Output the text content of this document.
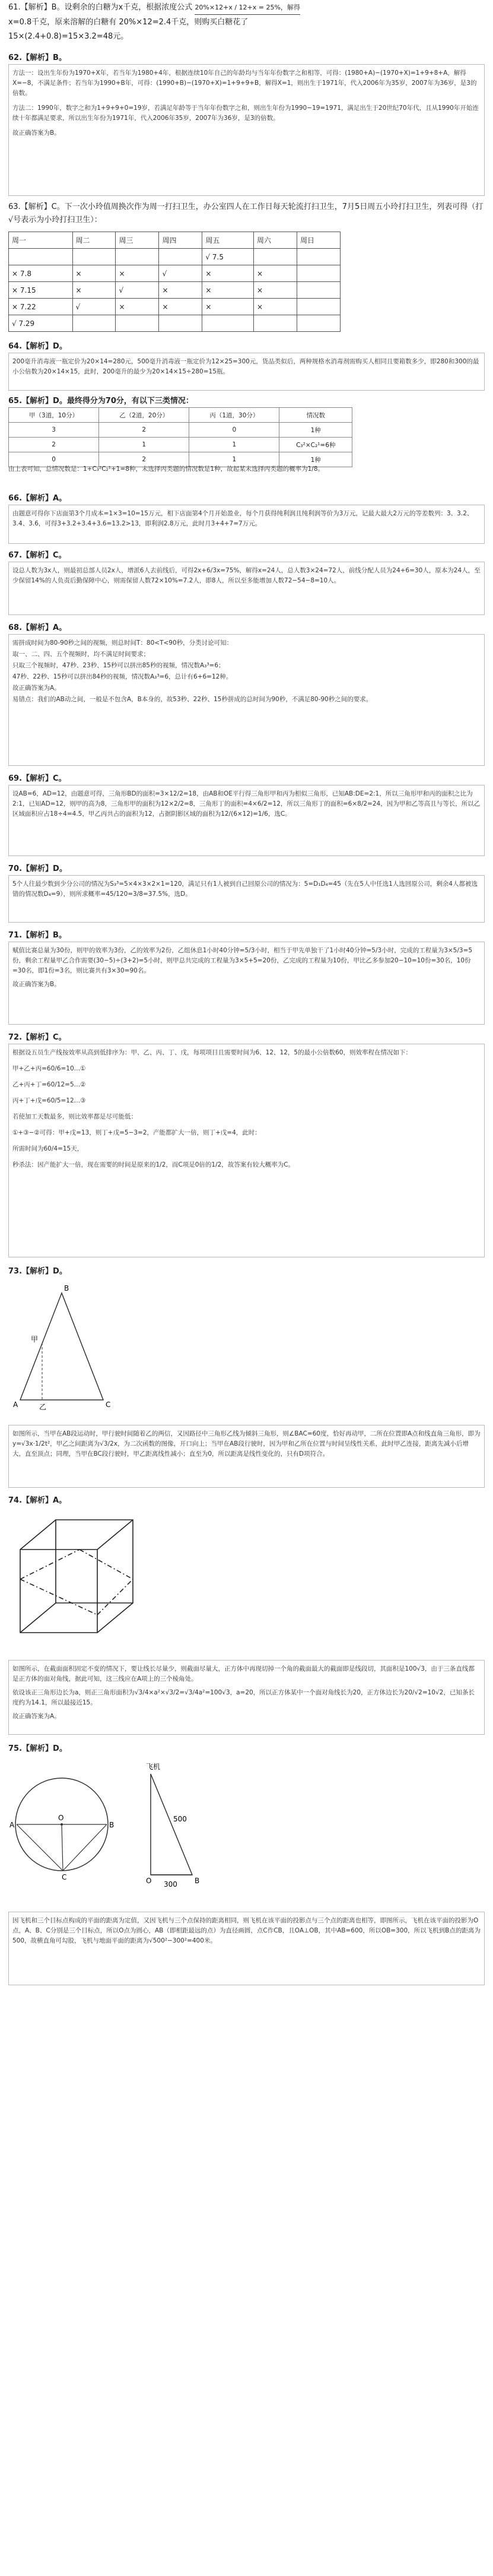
61.【解析】B。设剩余的白糖为x千克，根据浓度公式 20%×12+x / 12+x = 25%，解得
x=0.8千克，原来溶解的白糖有 20%×12=2.4千克，则购买白糖花了
15×(2.4+0.8)=15×3.2=48元。
62.【解析】B。
方法一：设出生年份为1970+X年，若当年为1980+4年，根据连续10年自己的年龄均与当年年份数字之和相等，可得：(1980+A)−(1970+X)=1+9+8+A，解得X=−8，不满足条件；若当年为1990+B年，可得：(1990+B)−(1970+X)=1+9+9+B，解得X=1，则出生于1971年，代入2006年为35岁，2007年为36岁，是3的倍数。
方法二：1990年，数字之和为1+9+9+0=19岁，若满足年龄等于当年年份数字之和，则出生年份为1990−19=1971，满足出生于20世纪70年代，且从1990年开始连续十年都满足要求，所以出生年份为1971年，代入2006年35岁，2007年为36岁，是3的倍数。
故正确答案为B。
63.【解析】C。下一次小玲值周换次作为周一打扫卫生，办公室四人在工作日每天轮流打扫卫生，7月5日周五小玲打扫卫生，列表可得（打√号表示为小玲打扫卫生）：
周一	周二	周三	周四	周五	周六	周日
				√ 7.5		
× 7.8	×	×	√	×	×	
× 7.15	×	√	×	×	×	
× 7.22	√	×	×	×	×	
√ 7.29						
64.【解析】D。
200毫升消毒液一瓶定价为20×14=280元，500毫升消毒液一瓶定价为12×25=300元，货品类似后，两种规格水消毒剂需购买人相同且要箱数多少，即280和300的最小公倍数为20×14×15，此时，200毫升的最少为20×14×15÷280=15瓶。
65.【解析】D。最终得分为70分，有以下三类情况：
甲（3道，10分）	乙（2道，20分）	丙（1道，30分）	情况数
3	2	0	1种
2	1	1	C₃²×C₂¹=6种
0	2	1	1种
由上表可知，总情况数是：1+C₃²C₂¹+1=8种，未选择丙类题的情况数是1种，故起某未选择丙类题的概率为1/8。
66.【解析】A。
由题意可得你下店面第3个月成本=1×3=10=15万元，相下店面第4个月开始盈业，每个月获得纯利润且纯利润等价为3万元，记最大最大2万元的等差数列：3、3.2、3.4、3.6，可得3+3.2+3.4+3.6=13.2>13，即利润2.8万元，此时月3+4+7=7万元。
67.【解析】C。
设总人数为3x人，则最初总部人员2x人，增派6人去前线后，可得2x+6/3x=75%，解得x=24人，总人数3×24=72人，前线分配人员为24+6=30人，原本为24人，至少保留14%的人负责后勤保障中心，则需保留人数72×10%=7.2人，即8人，所以至多能增加人数72−54−8=10人。
68.【解析】A。
需拼成时间为80-90秒之间的视频，则总时间T：80<T<90秒，分类讨论可知：
取一、二、四、五个视频时，均不满足时间要求；
只取三个视频时，47秒、23秒、15秒可以拼出85秒的视频，情况数A₃³=6；
47秒、22秒、15秒可以拼出84秒的视频，情况数A₃³=6，总计有6+6=12种。
故正确答案为A。
易错点：我们的AB动之间，一般是不包含A，B本身的，故53秒、22秒、15秒拼成的总时间为90秒，不满足80-90秒之间的要求。
69.【解析】C。
设AB=6，AD=12，由题意可得，三角形BD的面积=3×12/2=18，由AB和OE平行得三角形甲和丙为相似三角形，已知AB:DE=2:1，所以三角形甲和丙的面积之比为2:1，已知AD=12，则甲的高为8，三角形甲的面积为12×2/2=8，三角形丁的面积=4×6/2=12，所以三角形丁的面积=6×8/2=24，因为甲和乙等高且与等长，所以乙区域面积应占18÷4=4.5，甲乙丙共占的面积为12，占据阴影区域的面积为12/(6×12)=1/6，选C。
70.【解析】D。
5个人往最少数到少分公司的情况为S₃³=5×4×3×2×1=120，满足只有1人被到自己回原公司的情况为：5=D₁D₄=45（先在5人中任选1人选回原公司，剩余4人都被选错的情况数D₄=9），则所求概率=45/120=3/8=37.5%，选D。
71.【解析】B。
赋值比赛总量为30份，则甲的效率为3份，乙的效率为2份，乙组休息1小时40分钟=5/3小时，相当于甲先单独干了1小时40分钟=5/3小时，完成的工程量为3×5/3=5份，剩余工程量甲乙合作需要(30−5)÷(3+2)=5小时，则甲总共完成的工程量为3×5+5=20份，乙完成的工程量为10份，甲比乙多参加20−10=10份=30名，10份=30名，即1份=3名，则比赛共有3×30=90名。
故正确答案为B。
72.【解析】C。
根据设五员生产线按效率从高到低排序为：甲、乙、丙、丁、戊，每项项目且需要时间为6、12、12，5的最小公倍数60，则效率程在情况如下：
甲+乙+丙=60/6=10…①
乙+丙+丁=60/12=5…②
丙+丁+戊=60/5=12…③
若使加工天数最多，则比效率都是尽可能低：
①+③−②可得：甲+戊=13，则丁+戊=5−3=2，产能都扩大一倍，则丁+戊=4，此时：
所需时间为60/4=15天，
秒杀法：因产能扩大一倍，现在需要的时间是原来的1/2，而C项是0倍的1/2，故答案有较大概率为C。
73.【解析】D。
B
A	C
甲
乙
如图所示，当甲在AB段运动时，甲行驶时间随着乙的两信，又因路径中三角形乙线为倾斜三角形，则∠BAC=60度，恰好再动甲，二所在位置即A点和线直角三角形，即为y=√3x·1/2t²，甲乙之间距离为√3/2x，为二次函数的图像，开口向上；当甲在AB段行驶时，因为甲和乙所在位置与时间呈线性关系，此时甲乙连接，距离先减小后增大，直至顶点；同理，当甲在BC段行驶时，甲乙距离线性减小；直至为0，所以距离是线性变化的，只有D项符合。
74.【解析】A。
如图所示，在截面面积固定不变的情况下，要让线长尽量少，则截面尽量大，正方体中再现切掉一个角的截面最大的截面即是线段切，其面积是100√3，由于三条直线都是正方体的面对角线，据此可知，这三线应在A项上的三个棱角处。
依设该正三角形边长为a，则正三角形面积为√3/4×a²×√3/2=√3/4a²=100√3，a=20，所以正方体某中一个面对角线长为20，正方体边长为20/√2=10√2，已知条长度约为14.1，所以最接近15。
故正确答案为A。
75.【解析】D。
A	B
C
O
飞机
500
300
O	B
因飞机和三个目标点构成的平面的距离为定值，又因飞机与三个点保持的距离相同，则飞机在该平面的投影点与三个点的距离也相等，即图所示，飞机在该平面的投影为O点，A、B、C分别是三个目标点，所以O点为圆心，AB（即相距最远的点）为直径画圆，点C作CB，且OA⊥OB，其中AB=600，所以OB=300，所以飞机到B点的距离为500，故横直角可勾股，飞机与地面平面的距离为√500²−300²=400米。
